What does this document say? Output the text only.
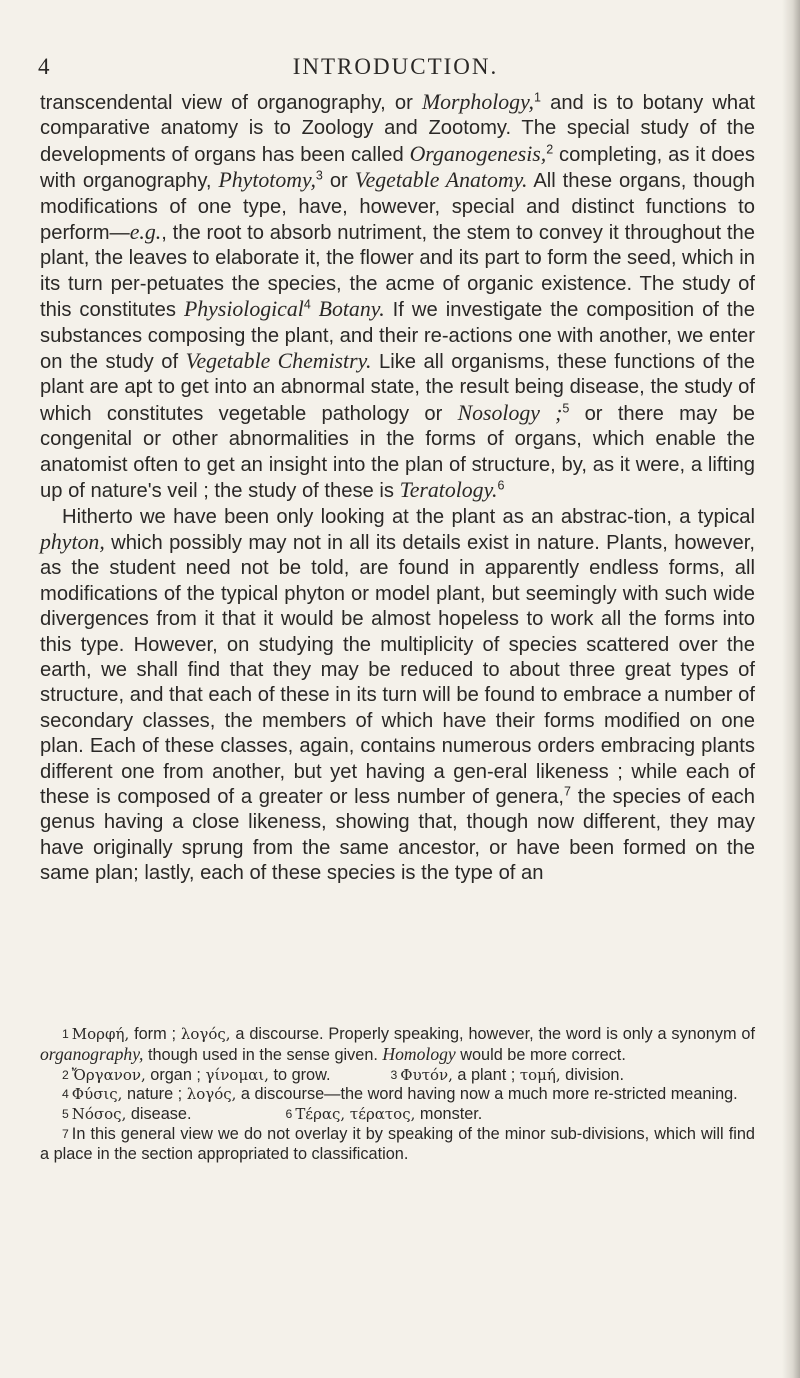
4	INTRODUCTION.

transcendental view of organography, or Morphology,$^1$ and is to botany what comparative anatomy is to Zoology and Zootomy. The special study of the developments of organs has been called Organogenesis,$^2$ completing, as it does with organography, Phytotomy,$^3$ or Vegetable Anatomy. All these organs, though modifications of one type, have, however, special and distinct functions to perform—e.g., the root to absorb nutriment, the stem to convey it throughout the plant, the leaves to elaborate it, the flower and its part to form the seed, which in its turn per-petuates the species, the acme of organic existence. The study of this constitutes Physiological$^4$ Botany. If we investigate the composition of the substances composing the plant, and their re-actions one with another, we enter on the study of Vegetable Chemistry. Like all organisms, these functions of the plant are apt to get into an abnormal state, the result being disease, the study of which constitutes vegetable pathology or Nosology ;$^5$ or there may be congenital or other abnormalities in the forms of organs, which enable the anatomist often to get an insight into the plan of structure, by, as it were, a lifting up of nature's veil ; the study of these is Teratology.$^6$

Hitherto we have been only looking at the plant as an abstrac-tion, a typical phyton, which possibly may not in all its details exist in nature. Plants, however, as the student need not be told, are found in apparently endless forms, all modifications of the typical phyton or model plant, but seemingly with such wide divergences from it that it would be almost hopeless to work all the forms into this type. However, on studying the multiplicity of species scattered over the earth, we shall find that they may be reduced to about three great types of structure, and that each of these in its turn will be found to embrace a number of secondary classes, the members of which have their forms modified on one plan. Each of these classes, again, contains numerous orders embracing plants different one from another, but yet having a gen-eral likeness ; while each of these is composed of a greater or less number of genera,$^7$ the species of each genus having a close likeness, showing that, though now different, they may have originally sprung from the same ancestor, or have been formed on the same plan; lastly, each of these species is the type of an

1 Μορφή, form ; λογός, a discourse. Properly speaking, however, the word is only a synonym of organography, though used in the sense given. Homology would be more correct.

2 Ὄργανον, organ ; γίνομαι, to grow.	3 Φυτόν, a plant ; τομή, division.

4 Φύσις, nature ; λογός, a discourse—the word having now a much more re-stricted meaning.

5 Νόσος, disease.	6 Τέρας, τέρατος, monster.

7 In this general view we do not overlay it by speaking of the minor sub-divisions, which will find a place in the section appropriated to classification.
